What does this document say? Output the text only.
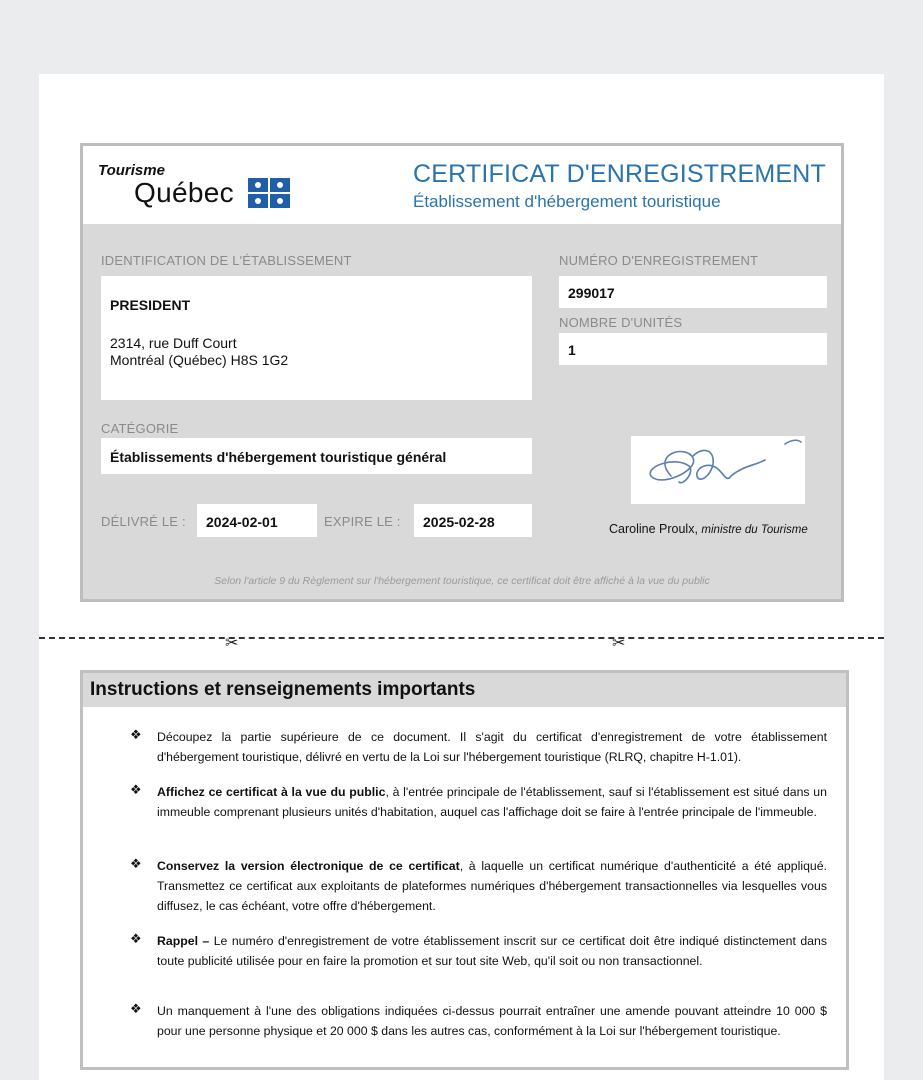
Tourisme
Québec
CERTIFICAT D'ENREGISTREMENT
Établissement d'hébergement touristique
IDENTIFICATION DE L'ÉTABLISSEMENT
PRESIDENT
2314, rue Duff Court
Montréal (Québec) H8S 1G2
NUMÉRO D'ENREGISTREMENT
299017
NOMBRE D'UNITÉS
1
CATÉGORIE
Établissements d'hébergement touristique général
DÉLIVRÉ LE : 2024-02-01	EXPIRE LE : 2025-02-28	Caroline Proulx, ministre du Tourisme
Selon l'article 9 du Règlement sur l'hébergement touristique, ce certificat doit être affiché à la vue du public
✂	✂
Instructions et renseignements importants
❖ Découpez la partie supérieure de ce document. Il s'agit du certificat d'enregistrement de votre établissement d'hébergement touristique, délivré en vertu de la Loi sur l'hébergement touristique (RLRQ, chapitre H-1.01).
❖ Affichez ce certificat à la vue du public, à l'entrée principale de l'établissement, sauf si l'établissement est situé dans un immeuble comprenant plusieurs unités d'habitation, auquel cas l'affichage doit se faire à l'entrée principale de l'immeuble.
❖ Conservez la version électronique de ce certificat, à laquelle un certificat numérique d'authenticité a été appliqué. Transmettez ce certificat aux exploitants de plateformes numériques d'hébergement transactionnelles via lesquelles vous diffusez, le cas échéant, votre offre d'hébergement.
❖ Rappel – Le numéro d'enregistrement de votre établissement inscrit sur ce certificat doit être indiqué distinctement dans toute publicité utilisée pour en faire la promotion et sur tout site Web, qu'il soit ou non transactionnel.
❖ Un manquement à l'une des obligations indiquées ci-dessus pourrait entraîner une amende pouvant atteindre 10 000 $ pour une personne physique et 20 000 $ dans les autres cas, conformément à la Loi sur l'hébergement touristique.
